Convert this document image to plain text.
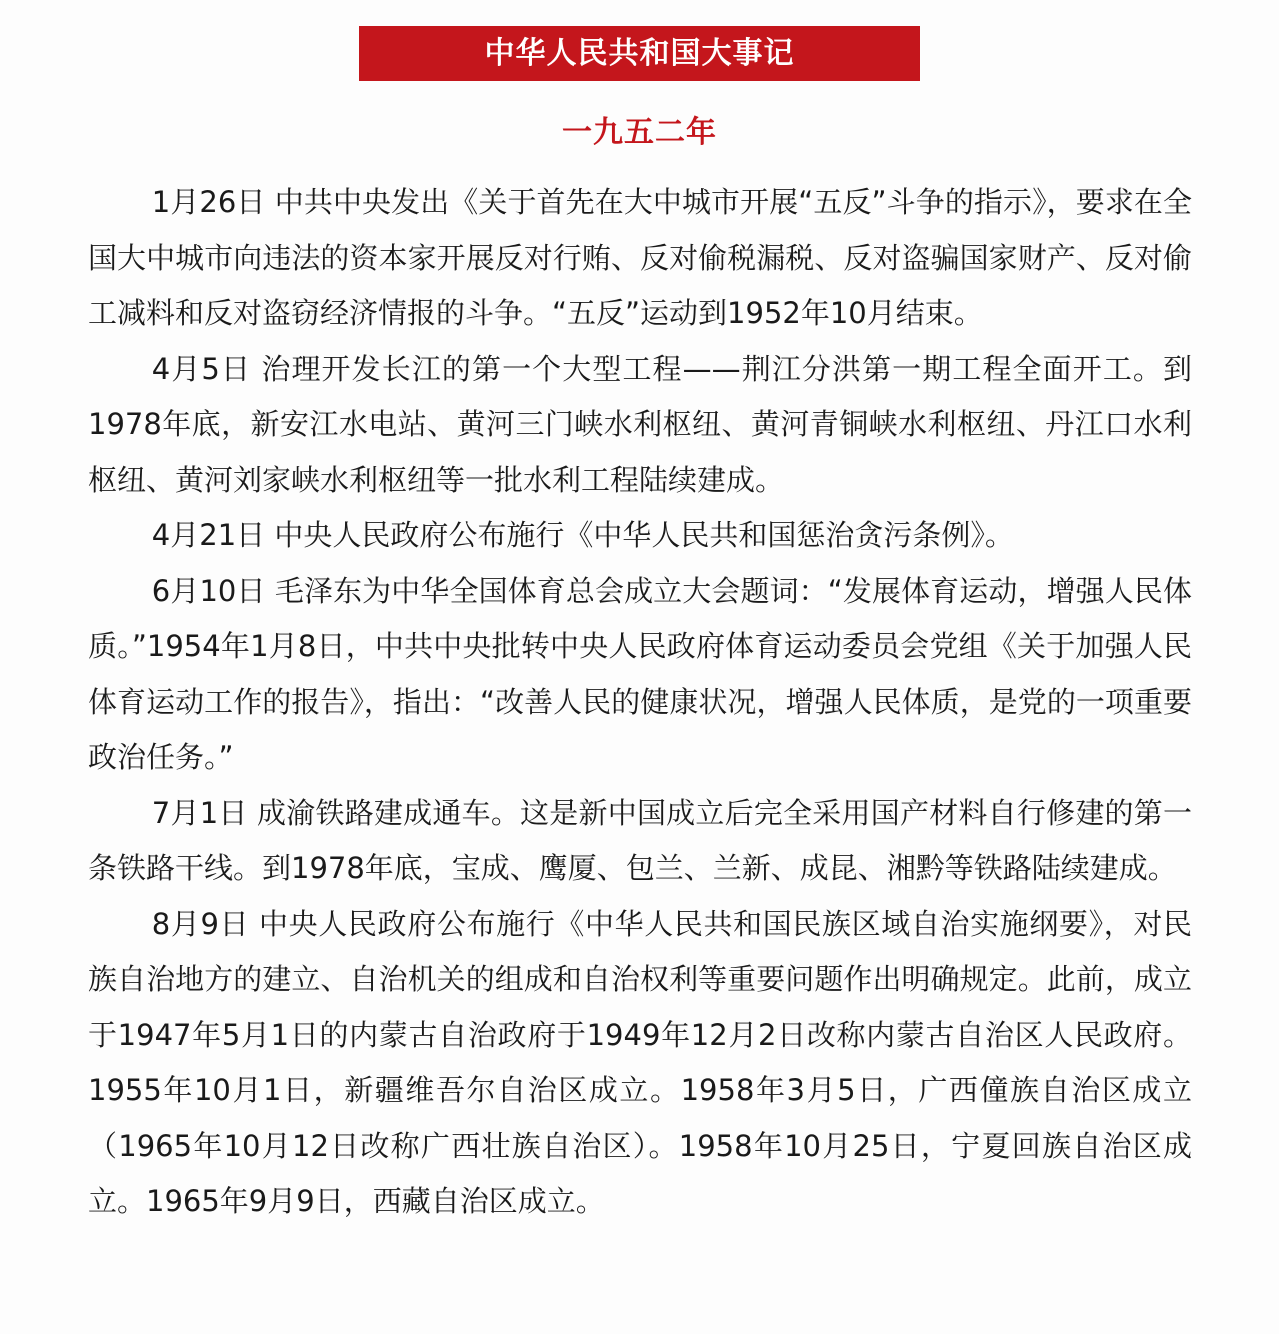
中华人民共和国大事记
一九五二年

1月26日 中共中央发出《关于首先在大中城市开展“五反”斗争的指示》，要求在全国大中城市向违法的资本家开展反对行贿、反对偷税漏税、反对盗骗国家财产、反对偷工减料和反对盗窃经济情报的斗争。“五反”运动到1952年10月结束。

4月5日 治理开发长江的第一个大型工程——荆江分洪第一期工程全面开工。到1978年底，新安江水电站、黄河三门峡水利枢纽、黄河青铜峡水利枢纽、丹江口水利枢纽、黄河刘家峡水利枢纽等一批水利工程陆续建成。

4月21日 中央人民政府公布施行《中华人民共和国惩治贪污条例》。

6月10日 毛泽东为中华全国体育总会成立大会题词：“发展体育运动，增强人民体质。”1954年1月8日，中共中央批转中央人民政府体育运动委员会党组《关于加强人民体育运动工作的报告》，指出：“改善人民的健康状况，增强人民体质，是党的一项重要政治任务。”

7月1日 成渝铁路建成通车。这是新中国成立后完全采用国产材料自行修建的第一条铁路干线。到1978年底，宝成、鹰厦、包兰、兰新、成昆、湘黔等铁路陆续建成。

8月9日 中央人民政府公布施行《中华人民共和国民族区域自治实施纲要》，对民族自治地方的建立、自治机关的组成和自治权利等重要问题作出明确规定。此前，成立于1947年5月1日的内蒙古自治政府于1949年12月2日改称内蒙古自治区人民政府。1955年10月1日，新疆维吾尔自治区成立。1958年3月5日，广西僮族自治区成立（1965年10月12日改称广西壮族自治区）。1958年10月25日，宁夏回族自治区成立。1965年9月9日，西藏自治区成立。
